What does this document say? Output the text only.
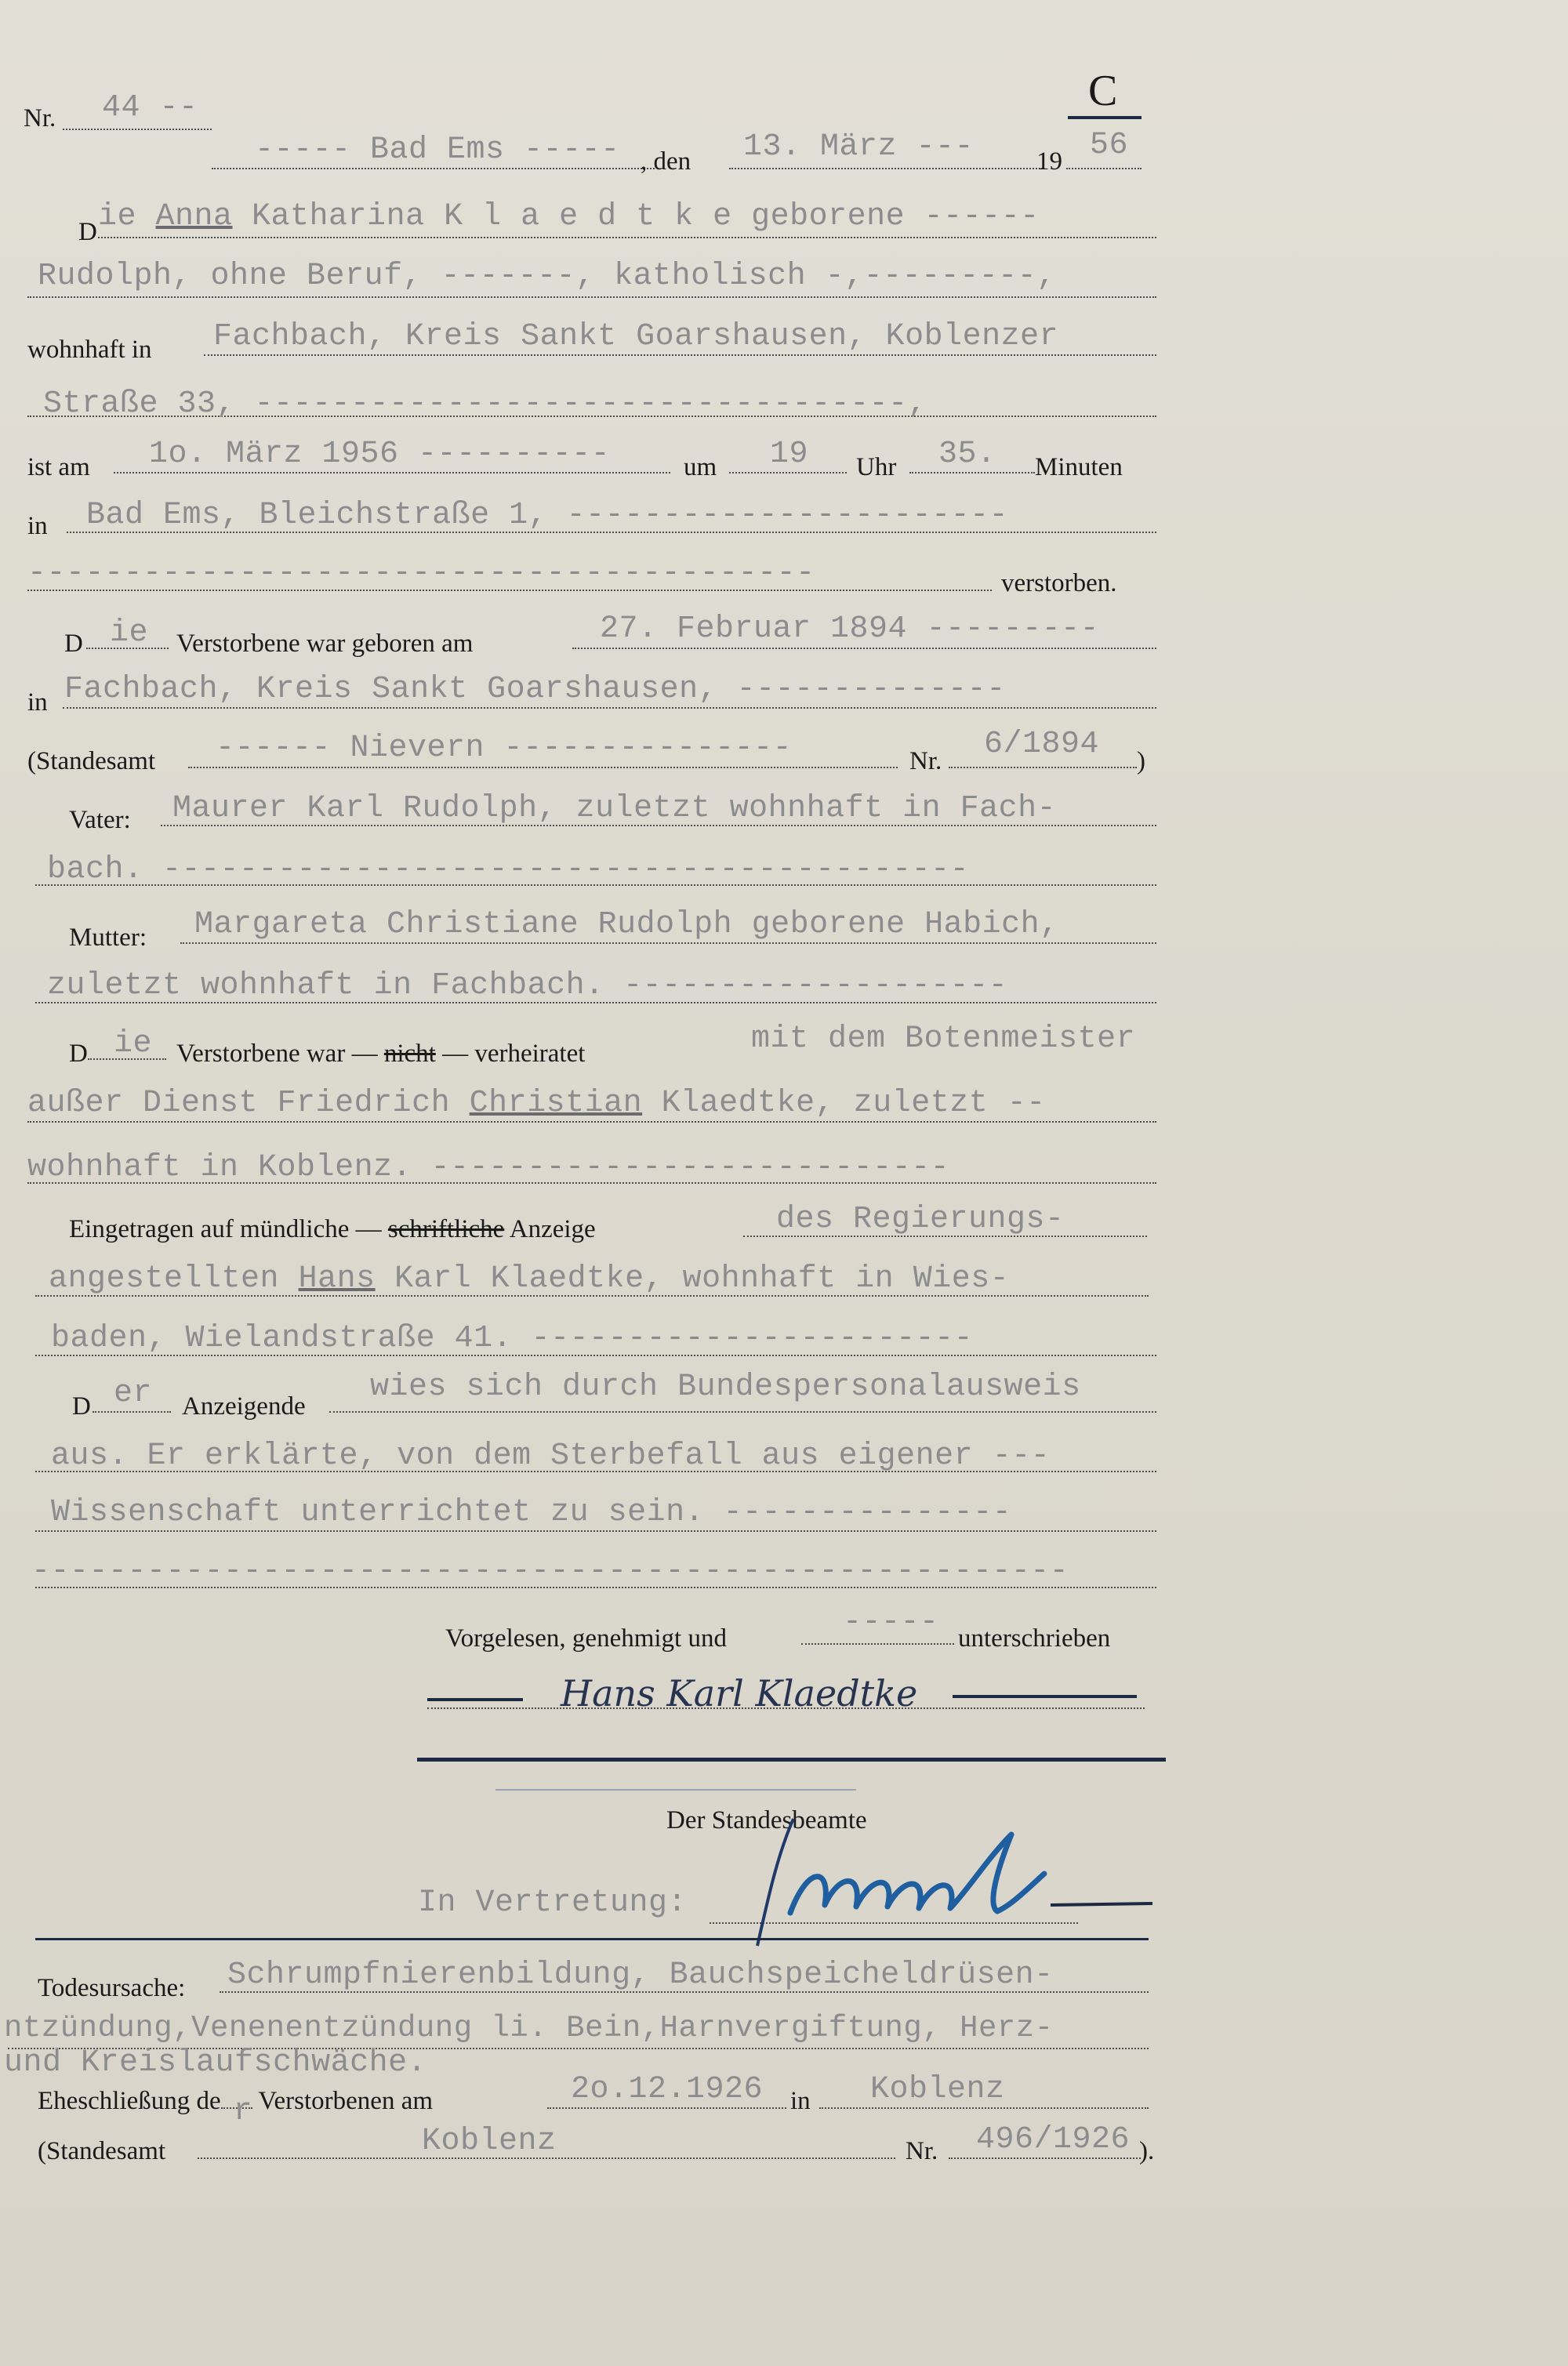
Nr. 44 --	C
----- Bad Ems ----- , den 13. März --- 19 56
D ie Anna Katharina K l a e d t k e geborene ------
Rudolph, ohne Beruf, -------, katholisch -,---------,
wohnhaft in Fachbach, Kreis Sankt Goarshausen, Koblenzer
Straße 33, ----------------------------------,
ist am 1o. März 1956 ----------	um 19 Uhr 35. Minuten
in Bad Ems, Bleichstraße 1, -----------------------
-----------------------------------------	verstorben.
D ie Verstorbene war geboren am	27. Februar 1894 ---------
in Fachbach, Kreis Sankt Goarshausen, --------------
(Standesamt ------ Nievern ---------------	Nr. 6/1894 )
Vater: Maurer Karl Rudolph, zuletzt wohnhaft in Fach-
bach. ------------------------------------------
Mutter: Margareta Christiane Rudolph geborene Habich,
zuletzt wohnhaft in Fachbach. --------------------
D ie Verstorbene war — nicht — verheiratet	mit dem Botenmeister
außer Dienst Friedrich Christian Klaedtke, zuletzt --
wohnhaft in Koblenz. ---------------------------
Eingetragen auf mündliche — schriftliche Anzeige	des Regierungs-
angestellten Hans Karl Klaedtke, wohnhaft in Wies-
baden, Wielandstraße 41. -----------------------
D er Anzeigende
wies sich durch Bundespersonalausweis
aus. Er erklärte, von dem Sterbefall aus eigener ---
Wissenschaft unterrichtet zu sein. ---------------
------------------------------------------------------
Vorgelesen, genehmigt und	----- unterschrieben
Hans Karl Klaedtke
Der Standesbeamte
In Vertretung:
Todesursache: Schrumpfnierenbildung, Bauchspeicheldrüsen-
ntzündung,Venenentzündung li. Bein,Harnvergiftung, Herz-
und Kreislaufschwäche.
Eheschließung de r Verstorbenen am	2o.12.1926 in Koblenz
(Standesamt	Koblenz	Nr. 496/1926 ).
